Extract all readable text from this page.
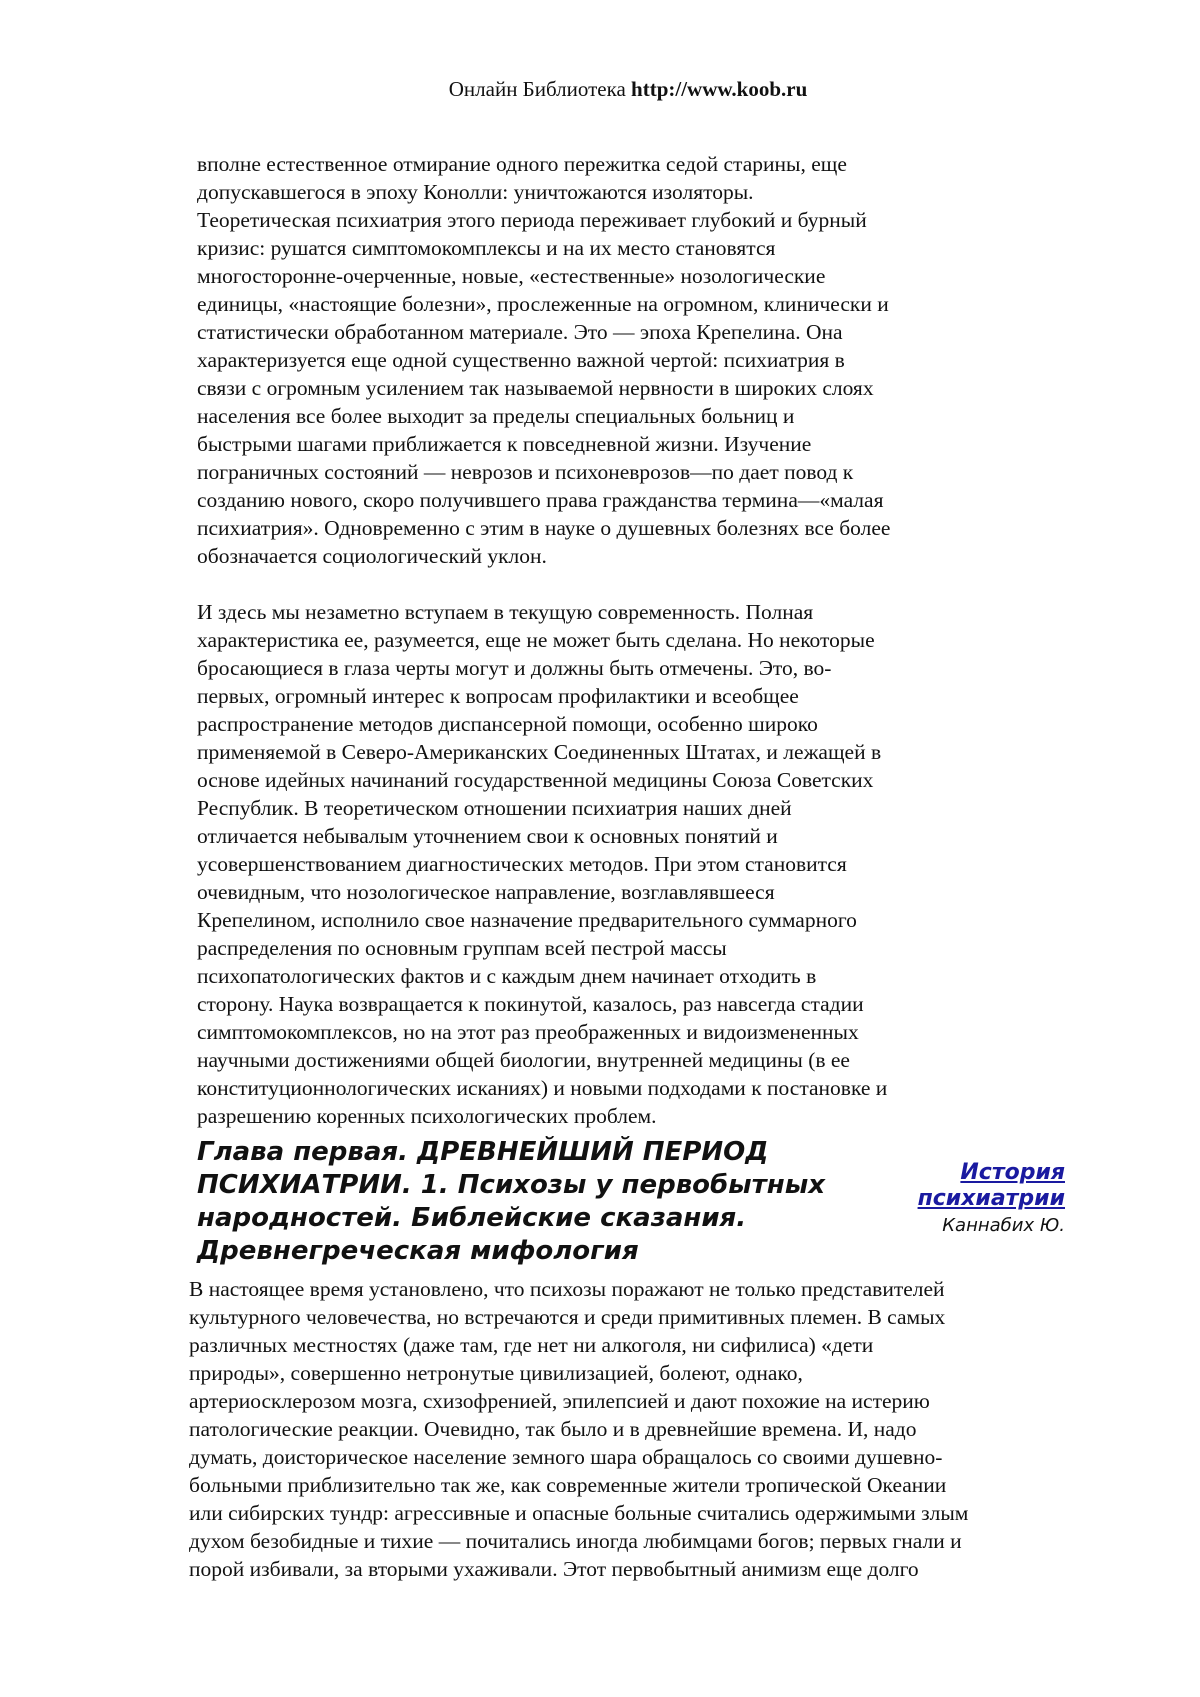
Онлайн Библиотека http://www.koob.ru

вполне естественное отмирание одного пережитка седой старины, еще
допускавшегося в эпоху Конолли: уничтожаются изоляторы.
Теоретическая психиатрия этого периода переживает глубокий и бурный
кризис: рушатся симптомокомплексы и на их место становятся
многосторонне-очерченные, новые, «естественные» нозологические
единицы, «настоящие болезни», прослеженные на огромном, клинически и
статистически обработанном материале. Это — эпоха Крепелина. Она
характеризуется еще одной существенно важной чертой: психиатрия в
связи с огромным усилением так называемой нервности в широких слоях
населения все более выходит за пределы специальных больниц и
быстрыми шагами приближается к повседневной жизни. Изучение
пограничных состояний — неврозов и психоневрозов—по дает повод к
созданию нового, скоро получившего права гражданства термина—«малая
психиатрия». Одновременно с этим в науке о душевных болезнях все более
обозначается социологический уклон.

И здесь мы незаметно вступаем в текущую современность. Полная
характеристика ее, разумеется, еще не может быть сделана. Но некоторые
бросающиеся в глаза черты могут и должны быть отмечены. Это, во-
первых, огромный интерес к вопросам профилактики и всеобщее
распространение методов диспансерной помощи, особенно широко
применяемой в Северо-Американских Соединенных Штатах, и лежащей в
основе идейных начинаний государственной медицины Союза Советских
Республик. В теоретическом отношении психиатрия наших дней
отличается небывалым уточнением свои к основных понятий и
усовершенствованием диагностических методов. При этом становится
очевидным, что нозологическое направление, возглавлявшееся
Крепелином, исполнило свое назначение предварительного суммарного
распределения по основным группам всей пестрой массы
психопатологических фактов и с каждым днем начинает отходить в
сторону. Наука возвращается к покинутой, казалось, раз навсегда стадии
симптомокомплексов, но на этот раз преображенных и видоизмененных
научными достижениями общей биологии, внутренней медицины (в ее
конституционнологических исканиях) и новыми подходами к постановке и
разрешению коренных психологических проблем.

Глава первая. ДРЕВНЕЙШИЙ ПЕРИОД
ПСИХИАТРИИ. 1. Психозы у первобытных
народностей. Библейские сказания.
Древнегреческая мифология
История
психиатрии
Каннабих Ю.

В настоящее время установлено, что психозы поражают не только представителей
культурного человечества, но встречаются и среди примитивных племен. В самых
различных местностях (даже там, где нет ни алкоголя, ни сифилиса) «дети
природы», совершенно нетронутые цивилизацией, болеют, однако,
артериосклерозом мозга, схизофренией, эпилепсией и дают похожие на истерию
патологические реакции. Очевидно, так было и в древнейшие времена. И, надо
думать, доисторическое население земного шара обращалось со своими душевно-
больными приблизительно так же, как современные жители тропической Океании
или сибирских тундр: агрессивные и опасные больные считались одержимыми злым
духом безобидные и тихие — почитались иногда любимцами богов; первых гнали и
порой избивали, за вторыми ухаживали. Этот первобытный анимизм еще долго
